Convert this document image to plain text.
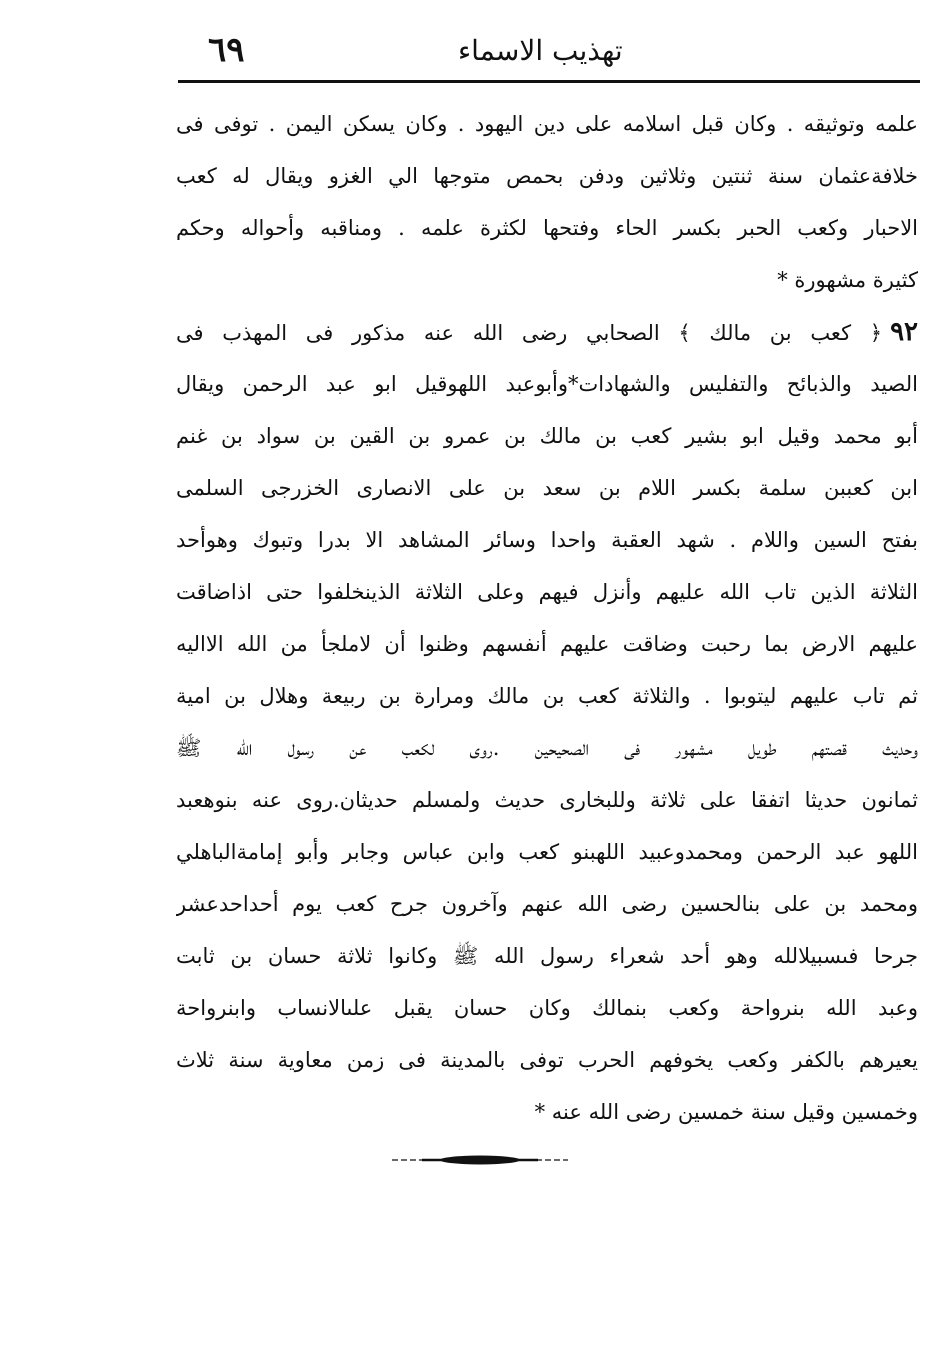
٦٩	تهذيب الاسماء
علمه وتوثيقه . وكان قبل اسلامه على دين اليهود . وكان يسكن اليمن . توفى فى
خلافةعثمان سنة ثنتين وثلاثين ودفن بحمص متوجها الي الغزو ويقال له كعب
الاحبار وكعب الحبر بكسر الحاء وفتحها لكثرة علمه . ومناقبه وأحواله وحكم
كثيرة مشهورة *
٩٢﴿ كعب بن مالك ﴾ الصحابي رضى الله عنه مذكور فى المهذب فى
الصيد والذبائح والتفليس والشهادات*وأبوعبد اللهوقيل ابو عبد الرحمن ويقال
أبو محمد وقيل ابو بشير كعب بن مالك بن عمرو بن القين بن سواد بن غنم
ابن كعببن سلمة بكسر اللام بن سعد بن على الانصارى الخزرجى السلمى
بفتح السين واللام . شهد العقبة واحدا وسائر المشاهد الا بدرا وتبوك وهوأحد
الثلاثة الذين تاب الله عليهم وأنزل فيهم وعلى الثلاثة الذينخلفوا حتى اذاضاقت
عليهم الارض بما رحبت وضاقت عليهم أنفسهم وظنوا أن لاملجأ من الله الااليه
ثم تاب عليهم ليتوبوا . والثلاثة كعب بن مالك ومرارة بن ربيعة وهلال بن امية
وحديث قصتهم طويل مشهور فى الصحيحين .روى لكعب عن رسول الله ﷺ
ثمانون حديثا اتفقا على ثلاثة وللبخارى حديث ولمسلم حديثان.روى عنه بنوهعبد
اللهو عبد الرحمن ومحمدوعبيد اللهبنو كعب وابن عباس وجابر وأبو إمامةالباهلي
ومحمد بن على بنالحسين رضى الله عنهم وآخرون جرح كعب يوم أحداحدعشر
جرحا فىسبيلالله وهو أحد شعراء رسول الله ﷺ وكانوا ثلاثة حسان بن ثابت
وعبد الله بنرواحة وكعب بنمالك وكان حسان يقبل علىالانساب وابنرواحة
يعيرهم بالكفر وكعب يخوفهم الحرب توفى بالمدينة فى زمن معاوية سنة ثلاث
وخمسين وقيل سنة خمسين رضى الله عنه *
